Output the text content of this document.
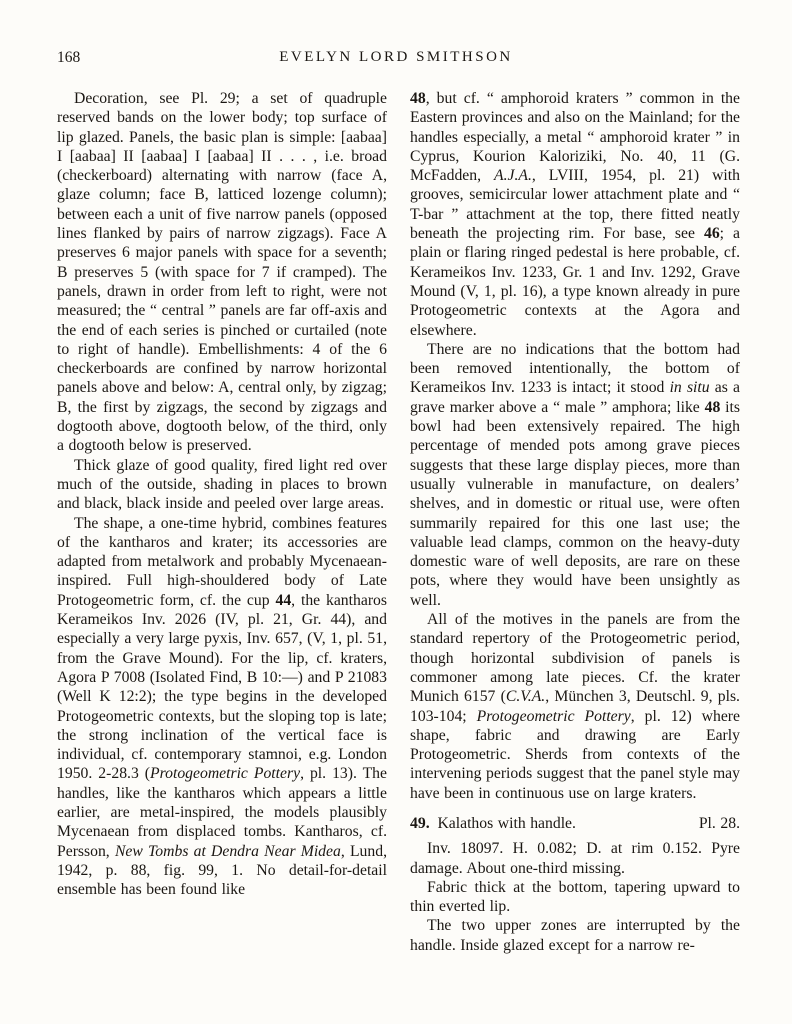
168	EVELYN LORD SMITHSON

Decoration, see Pl. 29; a set of quadruple reserved bands on the lower body; top surface of lip glazed. Panels, the basic plan is simple: [aabaa] I [aabaa] II [aabaa] I [aabaa] II . . . , i.e. broad (checkerboard) alternating with narrow (face A, glaze column; face B, latticed lozenge column); between each a unit of five narrow panels (opposed lines flanked by pairs of narrow zigzags). Face A preserves 6 major panels with space for a seventh; B preserves 5 (with space for 7 if cramped). The panels, drawn in order from left to right, were not measured; the “ central ” panels are far off-axis and the end of each series is pinched or curtailed (note to right of handle). Embellishments: 4 of the 6 checkerboards are confined by narrow horizontal panels above and below: A, central only, by zigzag; B, the first by zigzags, the second by zigzags and dogtooth above, dogtooth below, of the third, only a dogtooth below is preserved.

Thick glaze of good quality, fired light red over much of the outside, shading in places to brown and black, black inside and peeled over large areas.

The shape, a one-time hybrid, combines features of the kantharos and krater; its accessories are adapted from metalwork and probably Mycenaean-inspired. Full high-shouldered body of Late Protogeometric form, cf. the cup 44, the kantharos Kerameikos Inv. 2026 (IV, pl. 21, Gr. 44), and especially a very large pyxis, Inv. 657, (V, 1, pl. 51, from the Grave Mound). For the lip, cf. kraters, Agora P 7008 (Isolated Find, B 10:—) and P 21083 (Well K 12:2); the type begins in the developed Protogeometric contexts, but the sloping top is late; the strong inclination of the vertical face is individual, cf. contemporary stamnoi, e.g. London 1950. 2-28.3 (Protogeometric Pottery, pl. 13). The handles, like the kantharos which appears a little earlier, are metal-inspired, the models plausibly Mycenaean from displaced tombs. Kantharos, cf. Persson, New Tombs at Dendra Near Midea, Lund, 1942, p. 88, fig. 99, 1. No detail-for-detail ensemble has been found like

48, but cf. “ amphoroid kraters ” common in the Eastern provinces and also on the Mainland; for the handles especially, a metal “ amphoroid krater ” in Cyprus, Kourion Kaloriziki, No. 40, 11 (G. McFadden, A.J.A., LVIII, 1954, pl. 21) with grooves, semicircular lower attachment plate and “ T-bar ” attachment at the top, there fitted neatly beneath the projecting rim. For base, see 46; a plain or flaring ringed pedestal is here probable, cf. Kerameikos Inv. 1233, Gr. 1 and Inv. 1292, Grave Mound (V, 1, pl. 16), a type known already in pure Protogeometric contexts at the Agora and elsewhere.

There are no indications that the bottom had been removed intentionally, the bottom of Kerameikos Inv. 1233 is intact; it stood in situ as a grave marker above a “ male ” amphora; like 48 its bowl had been extensively repaired. The high percentage of mended pots among grave pieces suggests that these large display pieces, more than usually vulnerable in manufacture, on dealers’ shelves, and in domestic or ritual use, were often summarily repaired for this one last use; the valuable lead clamps, common on the heavy-duty domestic ware of well deposits, are rare on these pots, where they would have been unsightly as well.

All of the motives in the panels are from the standard repertory of the Protogeometric period, though horizontal subdivision of panels is commoner among late pieces. Cf. the krater Munich 6157 (C.V.A., München 3, Deutschl. 9, pls. 103-104; Protogeometric Pottery, pl. 12) where shape, fabric and drawing are Early Protogeometric. Sherds from contexts of the intervening periods suggest that the panel style may have been in continuous use on large kraters.

49. Kalathos with handle.	Pl. 28.

Inv. 18097. H. 0.082; D. at rim 0.152. Pyre damage. About one-third missing.

Fabric thick at the bottom, tapering upward to thin everted lip.

The two upper zones are interrupted by the handle. Inside glazed except for a narrow re-
